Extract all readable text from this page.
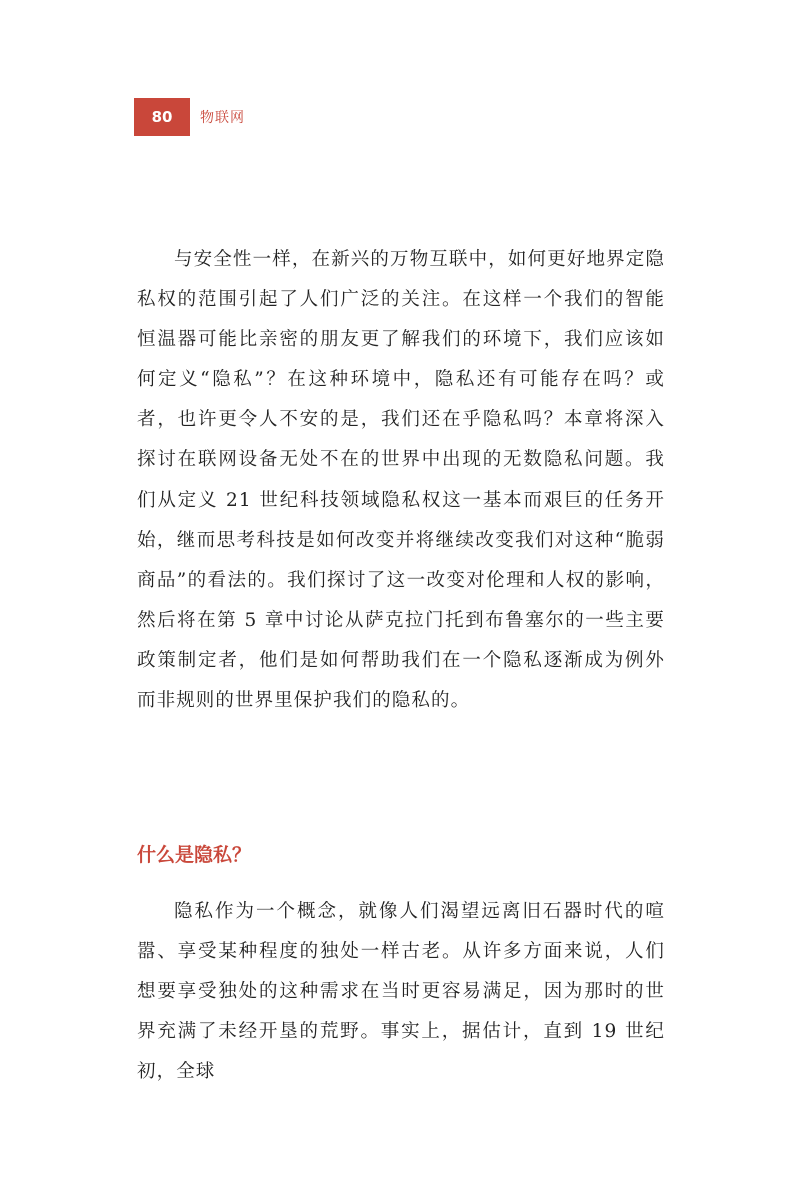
80	物联网

与安全性一样，在新兴的万物互联中，如何更好地界定隐私权的范围引起了人们广泛的关注。在这样一个我们的智能恒温器可能比亲密的朋友更了解我们的环境下，我们应该如何定义“隐私”？在这种环境中，隐私还有可能存在吗？或者，也许更令人不安的是，我们还在乎隐私吗？本章将深入探讨在联网设备无处不在的世界中出现的无数隐私问题。我们从定义 21 世纪科技领域隐私权这一基本而艰巨的任务开始，继而思考科技是如何改变并将继续改变我们对这种“脆弱商品”的看法的。我们探讨了这一改变对伦理和人权的影响，然后将在第 5 章中讨论从萨克拉门托到布鲁塞尔的一些主要政策制定者，他们是如何帮助我们在一个隐私逐渐成为例外而非规则的世界里保护我们的隐私的。

什么是隐私？

隐私作为一个概念，就像人们渴望远离旧石器时代的喧嚣、享受某种程度的独处一样古老。从许多方面来说，人们想要享受独处的这种需求在当时更容易满足，因为那时的世界充满了未经开垦的荒野。事实上，据估计，直到 19 世纪初，全球
